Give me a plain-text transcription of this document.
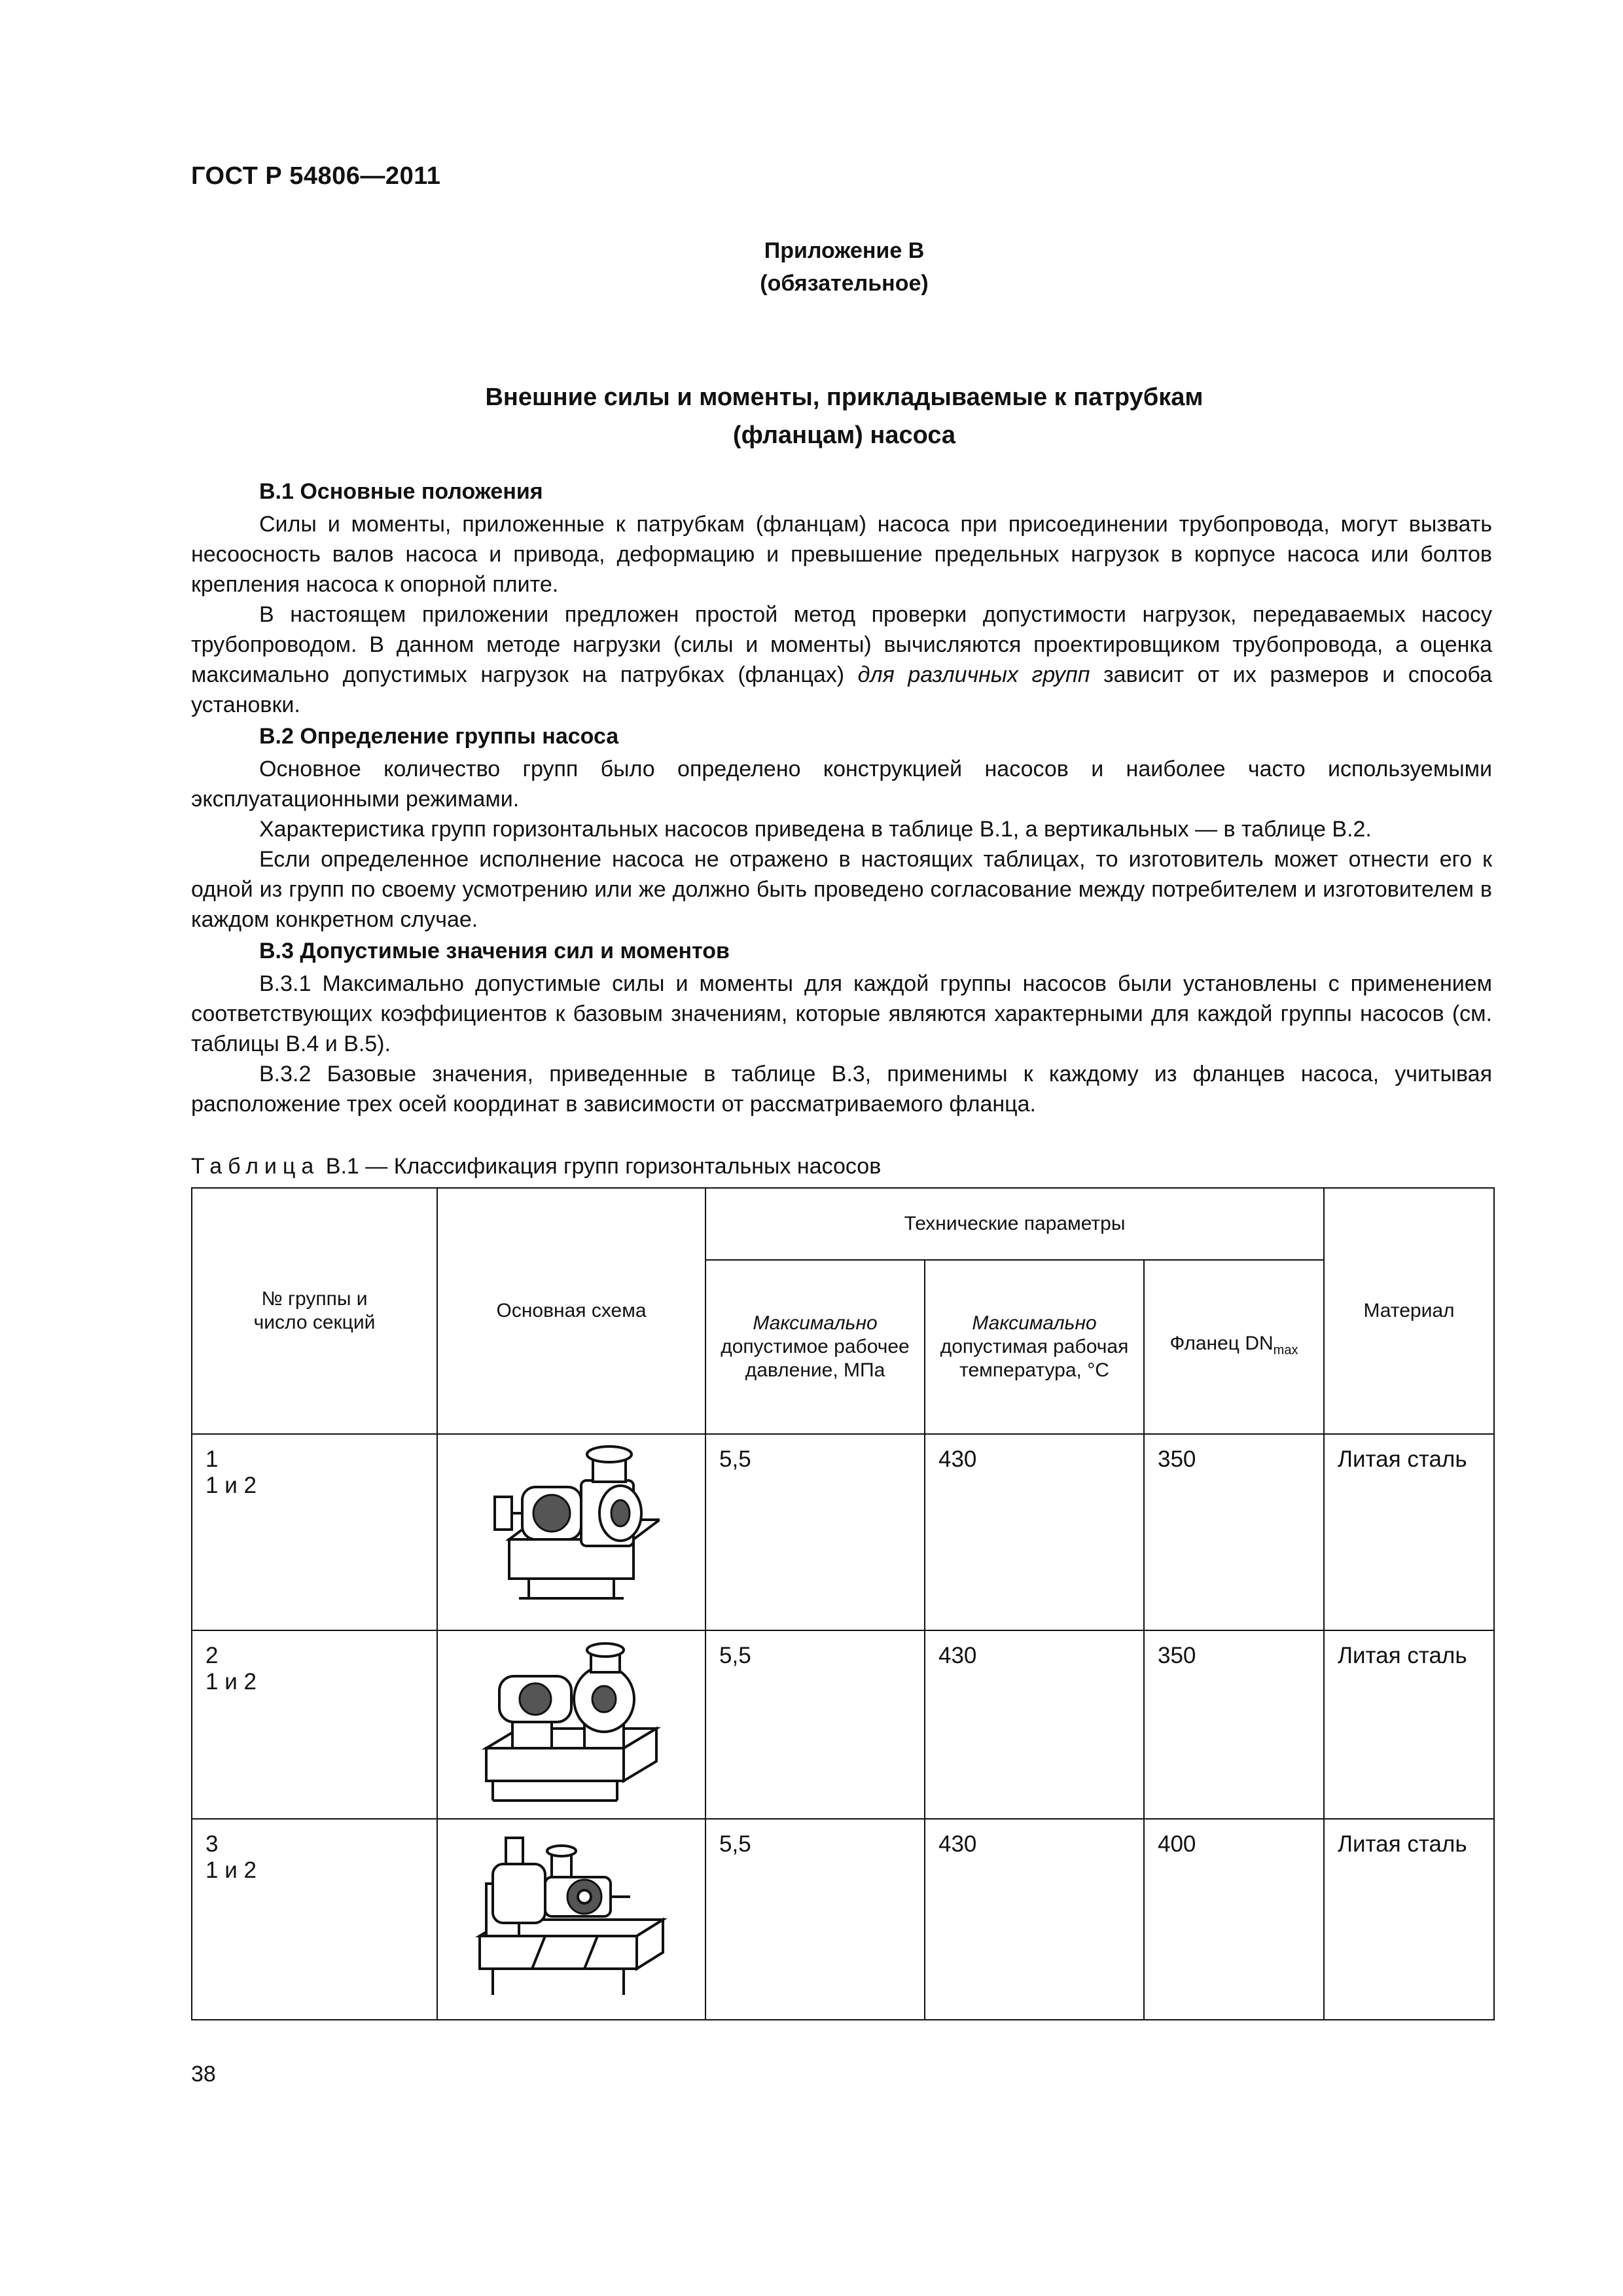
ГОСТ Р 54806—2011
Приложение В
(обязательное)
Внешние силы и моменты, прикладываемые к патрубкам
(фланцам) насоса
В.1 Основные положения

Силы и моменты, приложенные к патрубкам (фланцам) насоса при присоединении трубопровода, могут вызвать несоосность валов насоса и привода, деформацию и превышение предельных нагрузок в корпусе насоса или болтов крепления насоса к опорной плите.

В настоящем приложении предложен простой метод проверки допустимости нагрузок, передаваемых насосу трубопроводом. В данном методе нагрузки (силы и моменты) вычисляются проектировщиком трубопровода, а оценка максимально допустимых нагрузок на патрубках (фланцах) для различных групп зависит от их размеров и способа установки.

В.2 Определение группы насоса

Основное количество групп было определено конструкцией насосов и наиболее часто используемыми эксплуатационными режимами.

Характеристика групп горизонтальных насосов приведена в таблице В.1, а вертикальных — в таблице В.2.

Если определенное исполнение насоса не отражено в настоящих таблицах, то изготовитель может отнести его к одной из групп по своему усмотрению или же должно быть проведено согласование между потребителем и изготовителем в каждом конкретном случае.

В.3 Допустимые значения сил и моментов

В.3.1 Максимально допустимые силы и моменты для каждой группы насосов были установлены с применением соответствующих коэффициентов к базовым значениям, которые являются характерными для каждой группы насосов (см. таблицы В.4 и В.5).

В.3.2 Базовые значения, приведенные в таблице В.3, применимы к каждому из фланцев насоса, учитывая расположение трех осей координат в зависимости от рассматриваемого фланца.

Таблица В.1 — Классификация групп горизонтальных насосов
№ группы и
число секций	Основная схема	Технические параметры			Материал
		Максимально
допустимое рабочее давление, МПа	Максимально
допустимая рабочая температура, °C	Фланец $DN_{max}$

1
1 и 2		5,5	430	350	Литая сталь

2
1 и 2		5,5	430	350	Литая сталь

3
1 и 2		5,5	430	400	Литая сталь
38
